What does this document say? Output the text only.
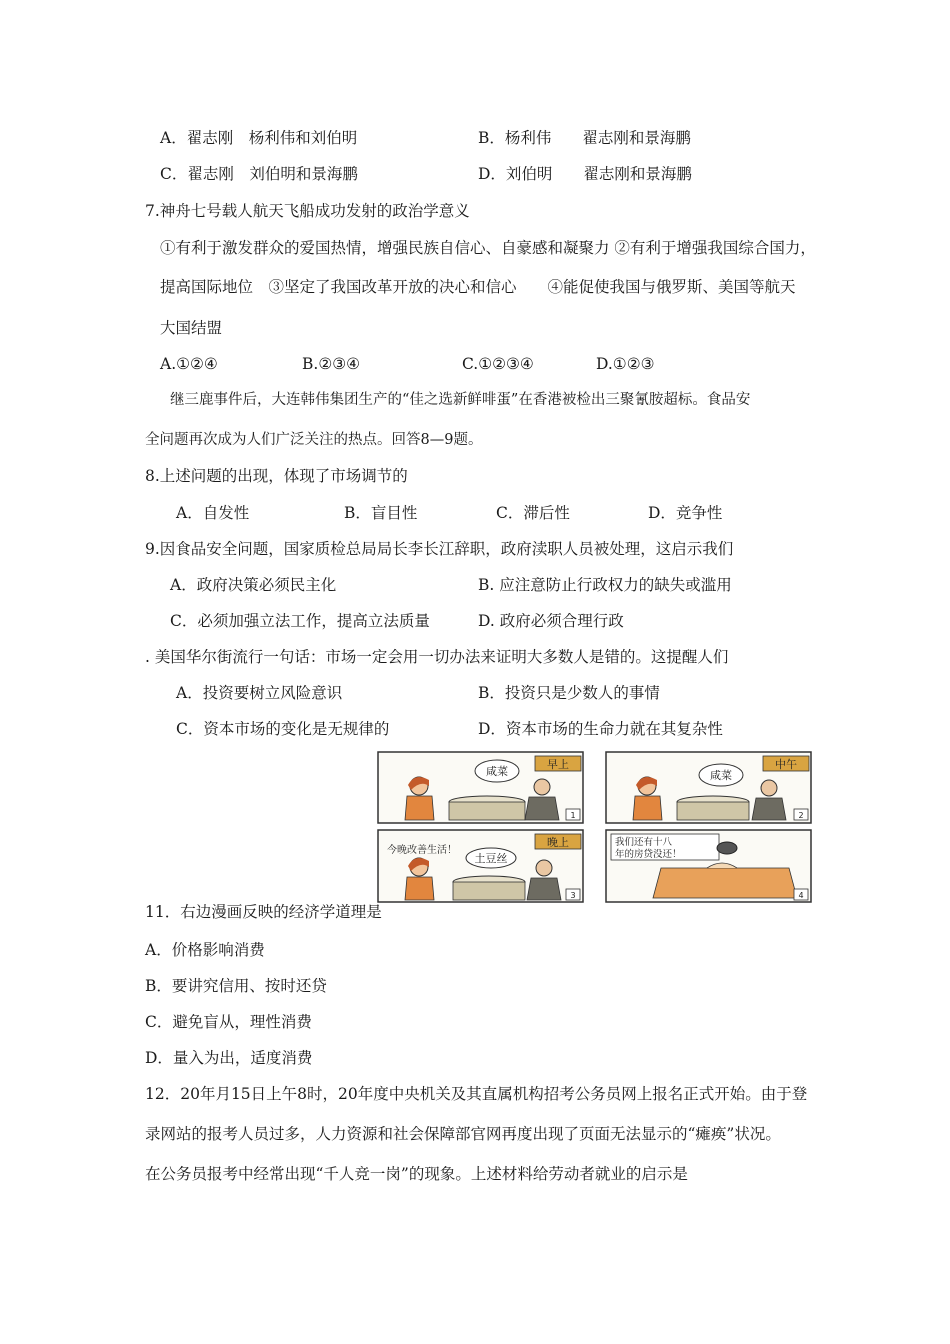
A．翟志刚　杨利伟和刘伯明	B．杨利伟　　翟志刚和景海鹏
C．翟志刚　刘伯明和景海鹏	D．刘伯明　　翟志刚和景海鹏
7.神舟七号载人航天飞船成功发射的政治学意义
①有利于激发群众的爱国热情，增强民族自信心、自豪感和凝聚力 ②有利于增强我国综合国力，
提高国际地位　③坚定了我国改革开放的决心和信心　　④能促使我国与俄罗斯、美国等航天
大国结盟
A.①②④	B.②③④	C.①②③④	D.①②③
继三鹿事件后，大连韩伟集团生产的“佳之选新鲜啡蛋”在香港被检出三聚氰胺超标。食品安
全问题再次成为人们广泛关注的热点。回答8—9题。
8.上述问题的出现，体现了市场调节的
A．自发性	B．盲目性	C．滞后性	D．竞争性
9.因食品安全问题，国家质检总局局长李长江辞职，政府渎职人员被处理，这启示我们
A．政府决策必须民主化	B. 应注意防止行政权力的缺失或滥用
C．必须加强立法工作，提高立法质量	D. 政府必须合理行政
. 美国华尔街流行一句话：市场一定会用一切办法来证明大多数人是错的。这提醒人们
A．投资要树立风险意识	B．投资只是少数人的事情
C．资本市场的变化是无规律的	D．资本市场的生命力就在其复杂性
早上
咸菜
1
中午
咸菜
2
晚上
今晚改善生活！
土豆丝
3
我们还有十八
年的房贷没还！
4
11．右边漫画反映的经济学道理是
A．价格影响消费
B．要讲究信用、按时还贷
C．避免盲从，理性消费
D．量入为出，适度消费
12．20年月15日上午8时，20年度中央机关及其直属机构招考公务员网上报名正式开始。由于登
录网站的报考人员过多，人力资源和社会保障部官网再度出现了页面无法显示的“瘫痪”状况。
在公务员报考中经常出现“千人竞一岗”的现象。上述材料给劳动者就业的启示是
